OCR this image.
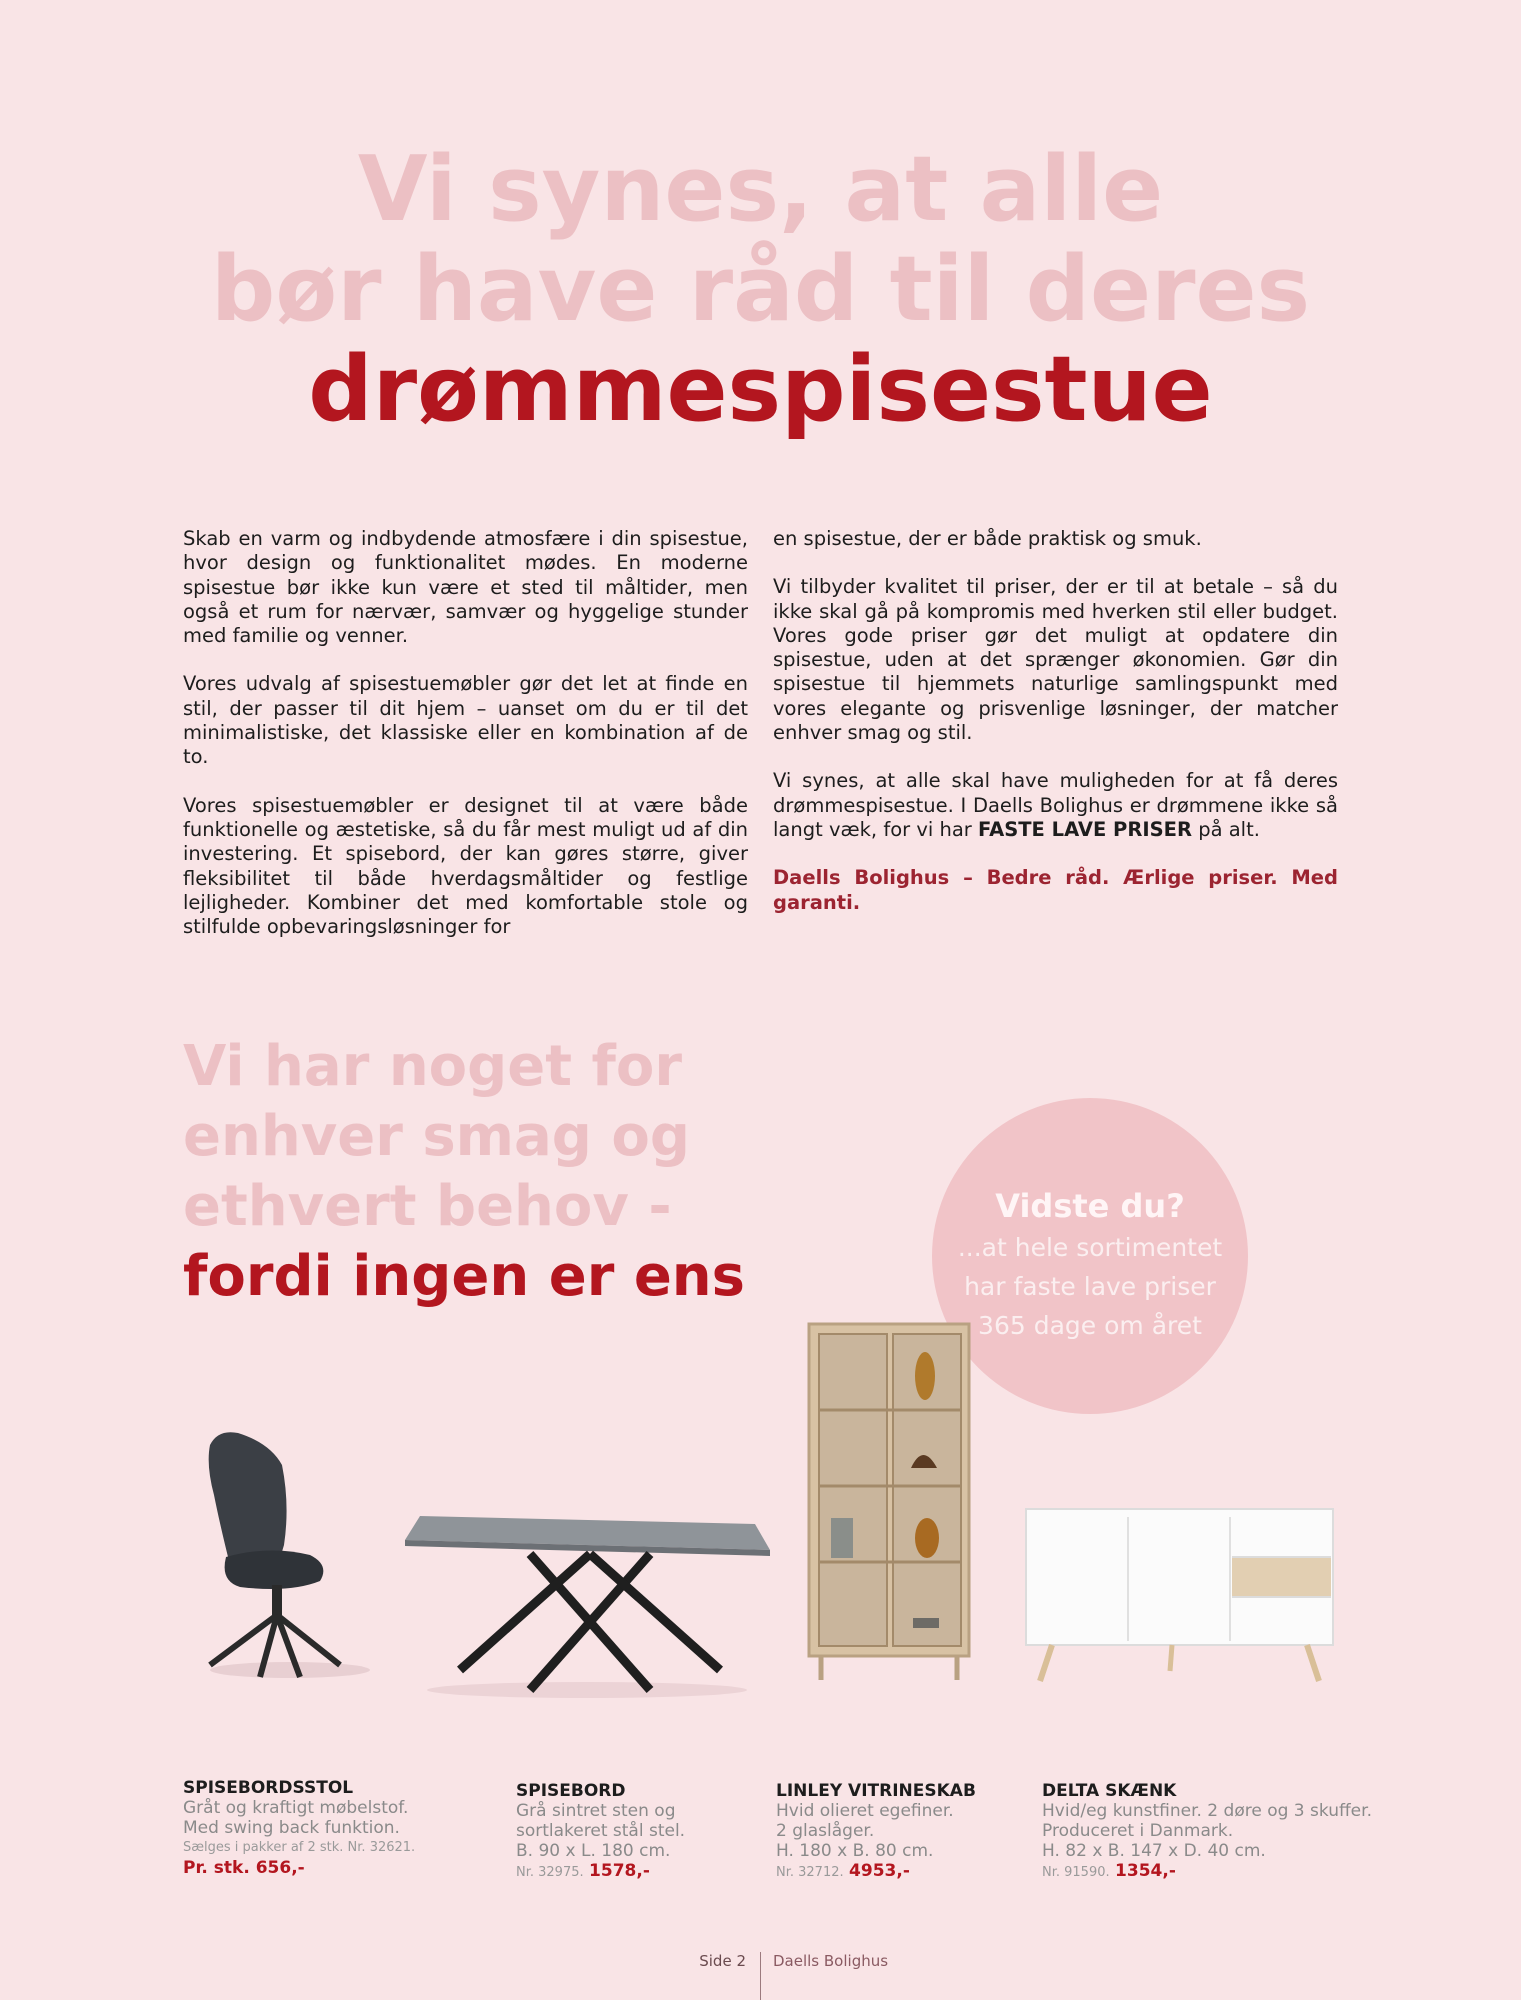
Vi synes, at alle
bør have råd til deres
drømmespisestue

Skab en varm og indbydende atmosfære i din spisestue, hvor design og funktionalitet mødes. En moderne spisestue bør ikke kun være et sted til måltider, men også et rum for nærvær, samvær og hyggelige stunder med familie og venner.

Vores udvalg af spisestuemøbler gør det let at finde en stil, der passer til dit hjem – uanset om du er til det minimalistiske, det klassiske eller en kombination af de to.

Vores spisestuemøbler er designet til at være både funktionelle og æstetiske, så du får mest muligt ud af din investering. Et spisebord, der kan gøres større, giver fleksibilitet til både hverdagsmåltider og festlige lejligheder. Kombiner det med komfortable stole og stilfulde opbevaringsløsninger for

en spisestue, der er både praktisk og smuk.

Vi tilbyder kvalitet til priser, der er til at betale – så du ikke skal gå på kompromis med hverken stil eller budget. Vores gode priser gør det muligt at opdatere din spisestue, uden at det sprænger økonomien. Gør din spisestue til hjemmets naturlige samlingspunkt med vores elegante og prisvenlige løsninger, der matcher enhver smag og stil.

Vi synes, at alle skal have muligheden for at få deres drømmespisestue. I Daells Bolighus er drømmene ikke så langt væk, for vi har FASTE LAVE PRISER på alt.

Daells Bolighus – Bedre råd. Ærlige priser. Med garanti.

Vi har noget for
enhver smag og
ethvert behov -
fordi ingen er ens
Vidste du?
...at hele sortimentet
har faste lave priser
365 dage om året
SPISEBORDSSTOL
Gråt og kraftigt møbelstof.
Med swing back funktion.
Sælges i pakker af 2 stk. Nr. 32621.
Pr. stk. 656,-
SPISEBORD
Grå sintret sten og
sortlakeret stål stel.
B. 90 x L. 180 cm.
Nr. 32975. 1578,-
LINLEY VITRINESKAB
Hvid olieret egefiner.
2 glaslåger.
H. 180 x B. 80 cm.
Nr. 32712. 4953,-
DELTA SKÆNK
Hvid/eg kunstfiner. 2 døre og 3 skuffer.
Produceret i Danmark.
H. 82 x B. 147 x D. 40 cm.
Nr. 91590. 1354,-
Side 2 Daells Bolighus
